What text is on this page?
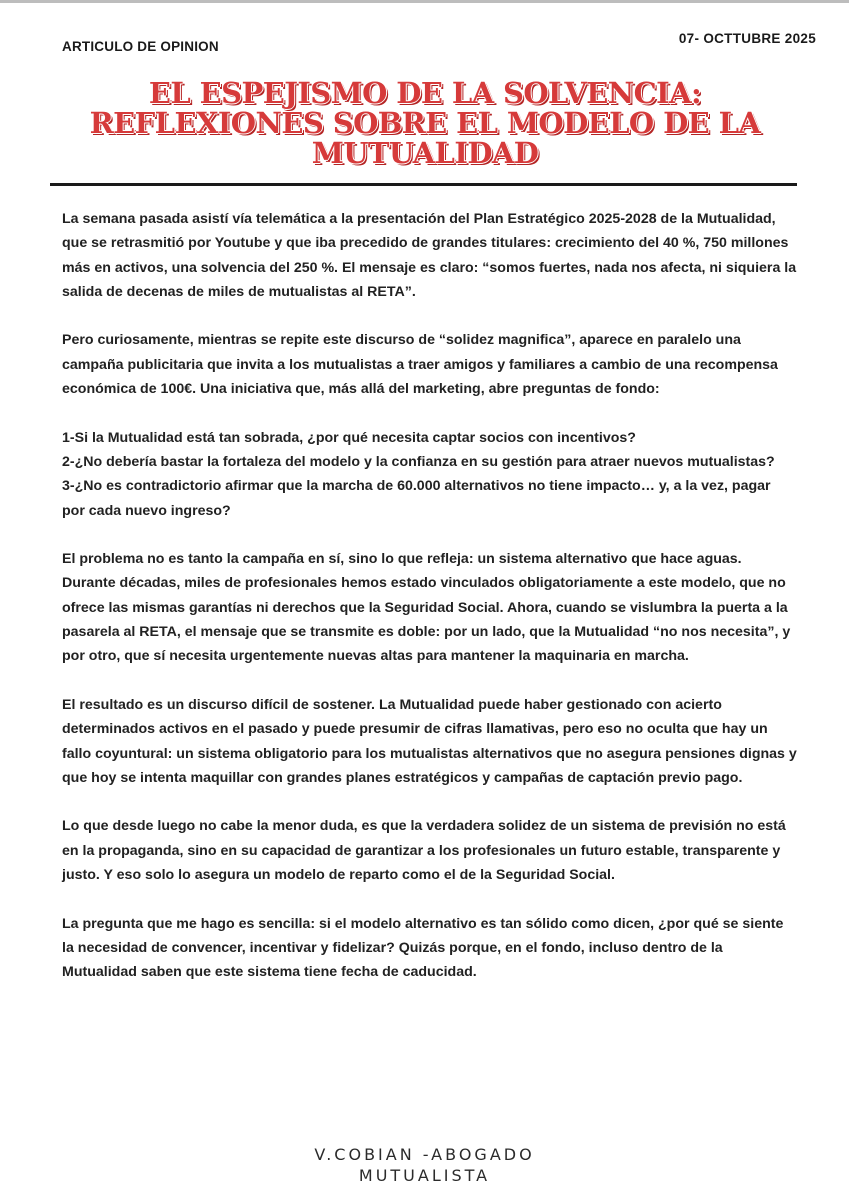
ARTICULO DE OPINION
07- OCTTUBRE 2025
EL ESPEJISMO DE LA SOLVENCIA:
REFLEXIONES SOBRE EL MODELO DE LA
MUTUALIDAD

La semana pasada asistí vía telemática a la presentación del Plan Estratégico 2025-2028 de la Mutualidad, que se retrasmitió por Youtube y que iba precedido de grandes titulares: crecimiento del 40 %, 750 millones más en activos, una solvencia del 250 %. El mensaje es claro: “somos fuertes, nada nos afecta, ni siquiera la salida de decenas de miles de mutualistas al RETA”.

Pero curiosamente, mientras se repite este discurso de “solidez magnifica”, aparece en paralelo una campaña publicitaria que invita a los mutualistas a traer amigos y familiares a cambio de una recompensa económica de 100€. Una iniciativa que, más allá del marketing, abre preguntas de fondo:

1-Si la Mutualidad está tan sobrada, ¿por qué necesita captar socios con incentivos?
2-¿No debería bastar la fortaleza del modelo y la confianza en su gestión para atraer nuevos mutualistas?
3-¿No es contradictorio afirmar que la marcha de 60.000 alternativos no tiene impacto… y, a la vez, pagar por cada nuevo ingreso?

El problema no es tanto la campaña en sí, sino lo que refleja: un sistema alternativo que hace aguas. Durante décadas, miles de profesionales hemos estado vinculados obligatoriamente a este modelo, que no ofrece las mismas garantías ni derechos que la Seguridad Social. Ahora, cuando se vislumbra la puerta a la pasarela al RETA, el mensaje que se transmite es doble: por un lado, que la Mutualidad “no nos necesita”, y por otro, que sí necesita urgentemente nuevas altas para mantener la maquinaria en marcha.

El resultado es un discurso difícil de sostener. La Mutualidad puede haber gestionado con acierto determinados activos en el pasado y puede presumir de cifras llamativas, pero eso no oculta que hay un fallo coyuntural: un sistema obligatorio para los mutualistas alternativos que no asegura pensiones dignas y que hoy se intenta maquillar con grandes planes estratégicos y campañas de captación previo pago.

Lo que desde luego no cabe la menor duda, es que la verdadera solidez de un sistema de previsión no está en la propaganda, sino en su capacidad de garantizar a los profesionales un futuro estable, transparente y justo. Y eso solo lo asegura un modelo de reparto como el de la Seguridad Social.

La pregunta que me hago es sencilla: si el modelo alternativo es tan sólido como dicen, ¿por qué se siente la necesidad de convencer, incentivar y fidelizar? Quizás porque, en el fondo, incluso dentro de la Mutualidad saben que este sistema tiene fecha de caducidad.

V.COBIAN -ABOGADO
MUTUALISTA
